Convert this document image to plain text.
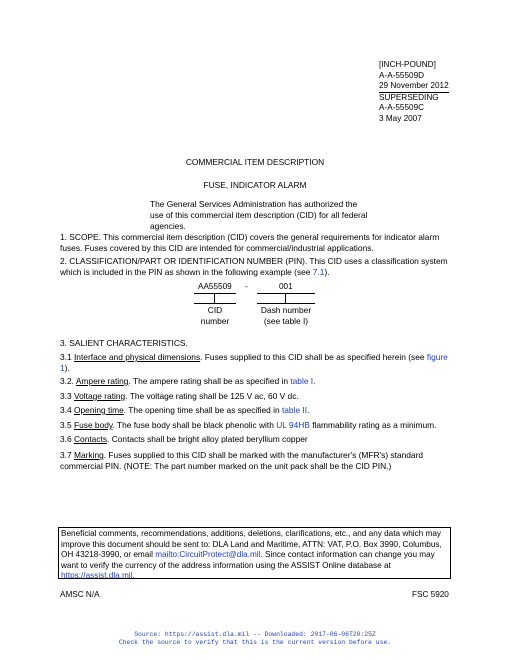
[INCH-POUND]
A-A-55509D
29 November 2012
SUPERSEDING
A-A-55509C
3 May 2007
COMMERCIAL ITEM DESCRIPTION
FUSE, INDICATOR ALARM
The General Services Administration has authorized the use of this commercial item description (CID) for all federal agencies.
1. SCOPE. This commercial item description (CID) covers the general requirements for indicator alarm fuses. Fuses covered by this CID are intended for commercial/industrial applications.
2. CLASSIFICATION/PART OR IDENTIFICATION NUMBER (PIN). This CID uses a classification system which is included in the PIN as shown in the following example (see 7.1).
AA55509 -	001
CID
number
Dash number
(see table I)
3. SALIENT CHARACTERISTICS.
3.1 Interface and physical dimensions. Fuses supplied to this CID shall be as specified herein (see figure 1).
3.2. Ampere rating. The ampere rating shall be as specified in table I.
3.3 Voltage rating. The voltage rating shall be 125 V ac, 60 V dc.
3.4 Opening time. The opening time shall be as specified in table II.
3.5 Fuse body. The fuse body shall be black phenolic with UL 94HB flammability rating as a minimum.
3.6 Contacts. Contacts shall be bright alloy plated beryllium copper
3.7 Marking. Fuses supplied to this CID shall be marked with the manufacturer's (MFR's) standard commercial PIN. (NOTE: The part number marked on the unit pack shall be the CID PIN.)
Beneficial comments, recommendations, additions, deletions, clarifications, etc., and any data which may improve this document should be sent to: DLA Land and Maritime, ATTN: VAT, P.O. Box 3990, Columbus, OH 43218-3990, or email mailto:CircuitProtect@dla.mil. Since contact information can change you may want to verify the currency of the address information using the ASSIST Online database at https://assist.dla.mil.
AMSC N/A	FSC 5920
Source: https://assist.dla.mil -- Downloaded: 2017-06-06T20:25Z
Check the source to verify that this is the current version before use.
